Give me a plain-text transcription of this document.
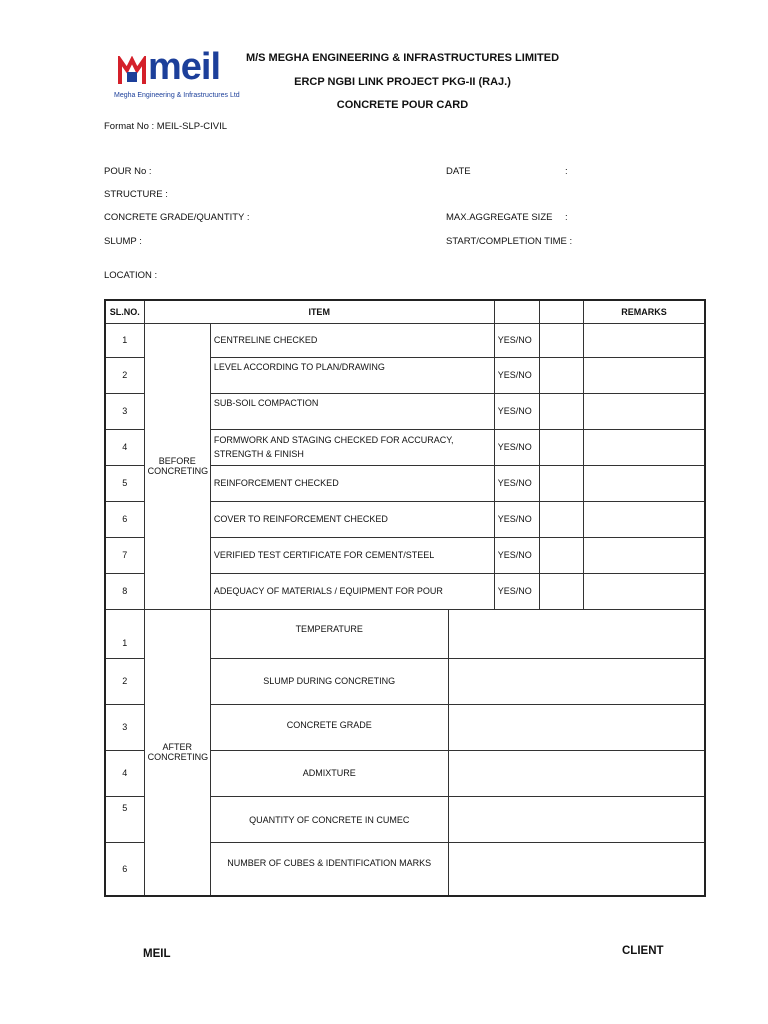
meil
Megha Engineering & Infrastructures Ltd
M/S MEGHA ENGINEERING & INFRASTRUCTURES LIMITED
ERCP NGBI LINK PROJECT PKG-II (RAJ.)
CONCRETE POUR CARD
Format No : MEIL-SLP-CIVIL
POUR No :
STRUCTURE :
CONCRETE GRADE/QUANTITY :
SLUMP :
LOCATION :
DATE	:
MAX.AGGREGATE SIZE :
START/COMPLETION TIME :
SL.NO.	ITEM					REMARKS
1	BEFORE CONCRETING	CENTRELINE CHECKED		YES/NO		
2		LEVEL ACCORDING TO PLAN/DRAWING		YES/NO		
3		SUB-SOIL COMPACTION		YES/NO		
4		FORMWORK AND STAGING CHECKED FOR ACCURACY, STRENGTH & FINISH		YES/NO		
5		REINFORCEMENT CHECKED		YES/NO		
6		COVER TO REINFORCEMENT CHECKED		YES/NO		
7		VERIFIED TEST CERTIFICATE FOR CEMENT/STEEL		YES/NO		
8		ADEQUACY OF MATERIALS / EQUIPMENT FOR POUR		YES/NO		
1	AFTER CONCRETING	TEMPERATURE				
2		SLUMP DURING CONCRETING				
3		CONCRETE GRADE				
4		ADMIXTURE				
5		QUANTITY OF CONCRETE IN CUMEC				
6		NUMBER OF CUBES & IDENTIFICATION MARKS				
MEIL	CLIENT
